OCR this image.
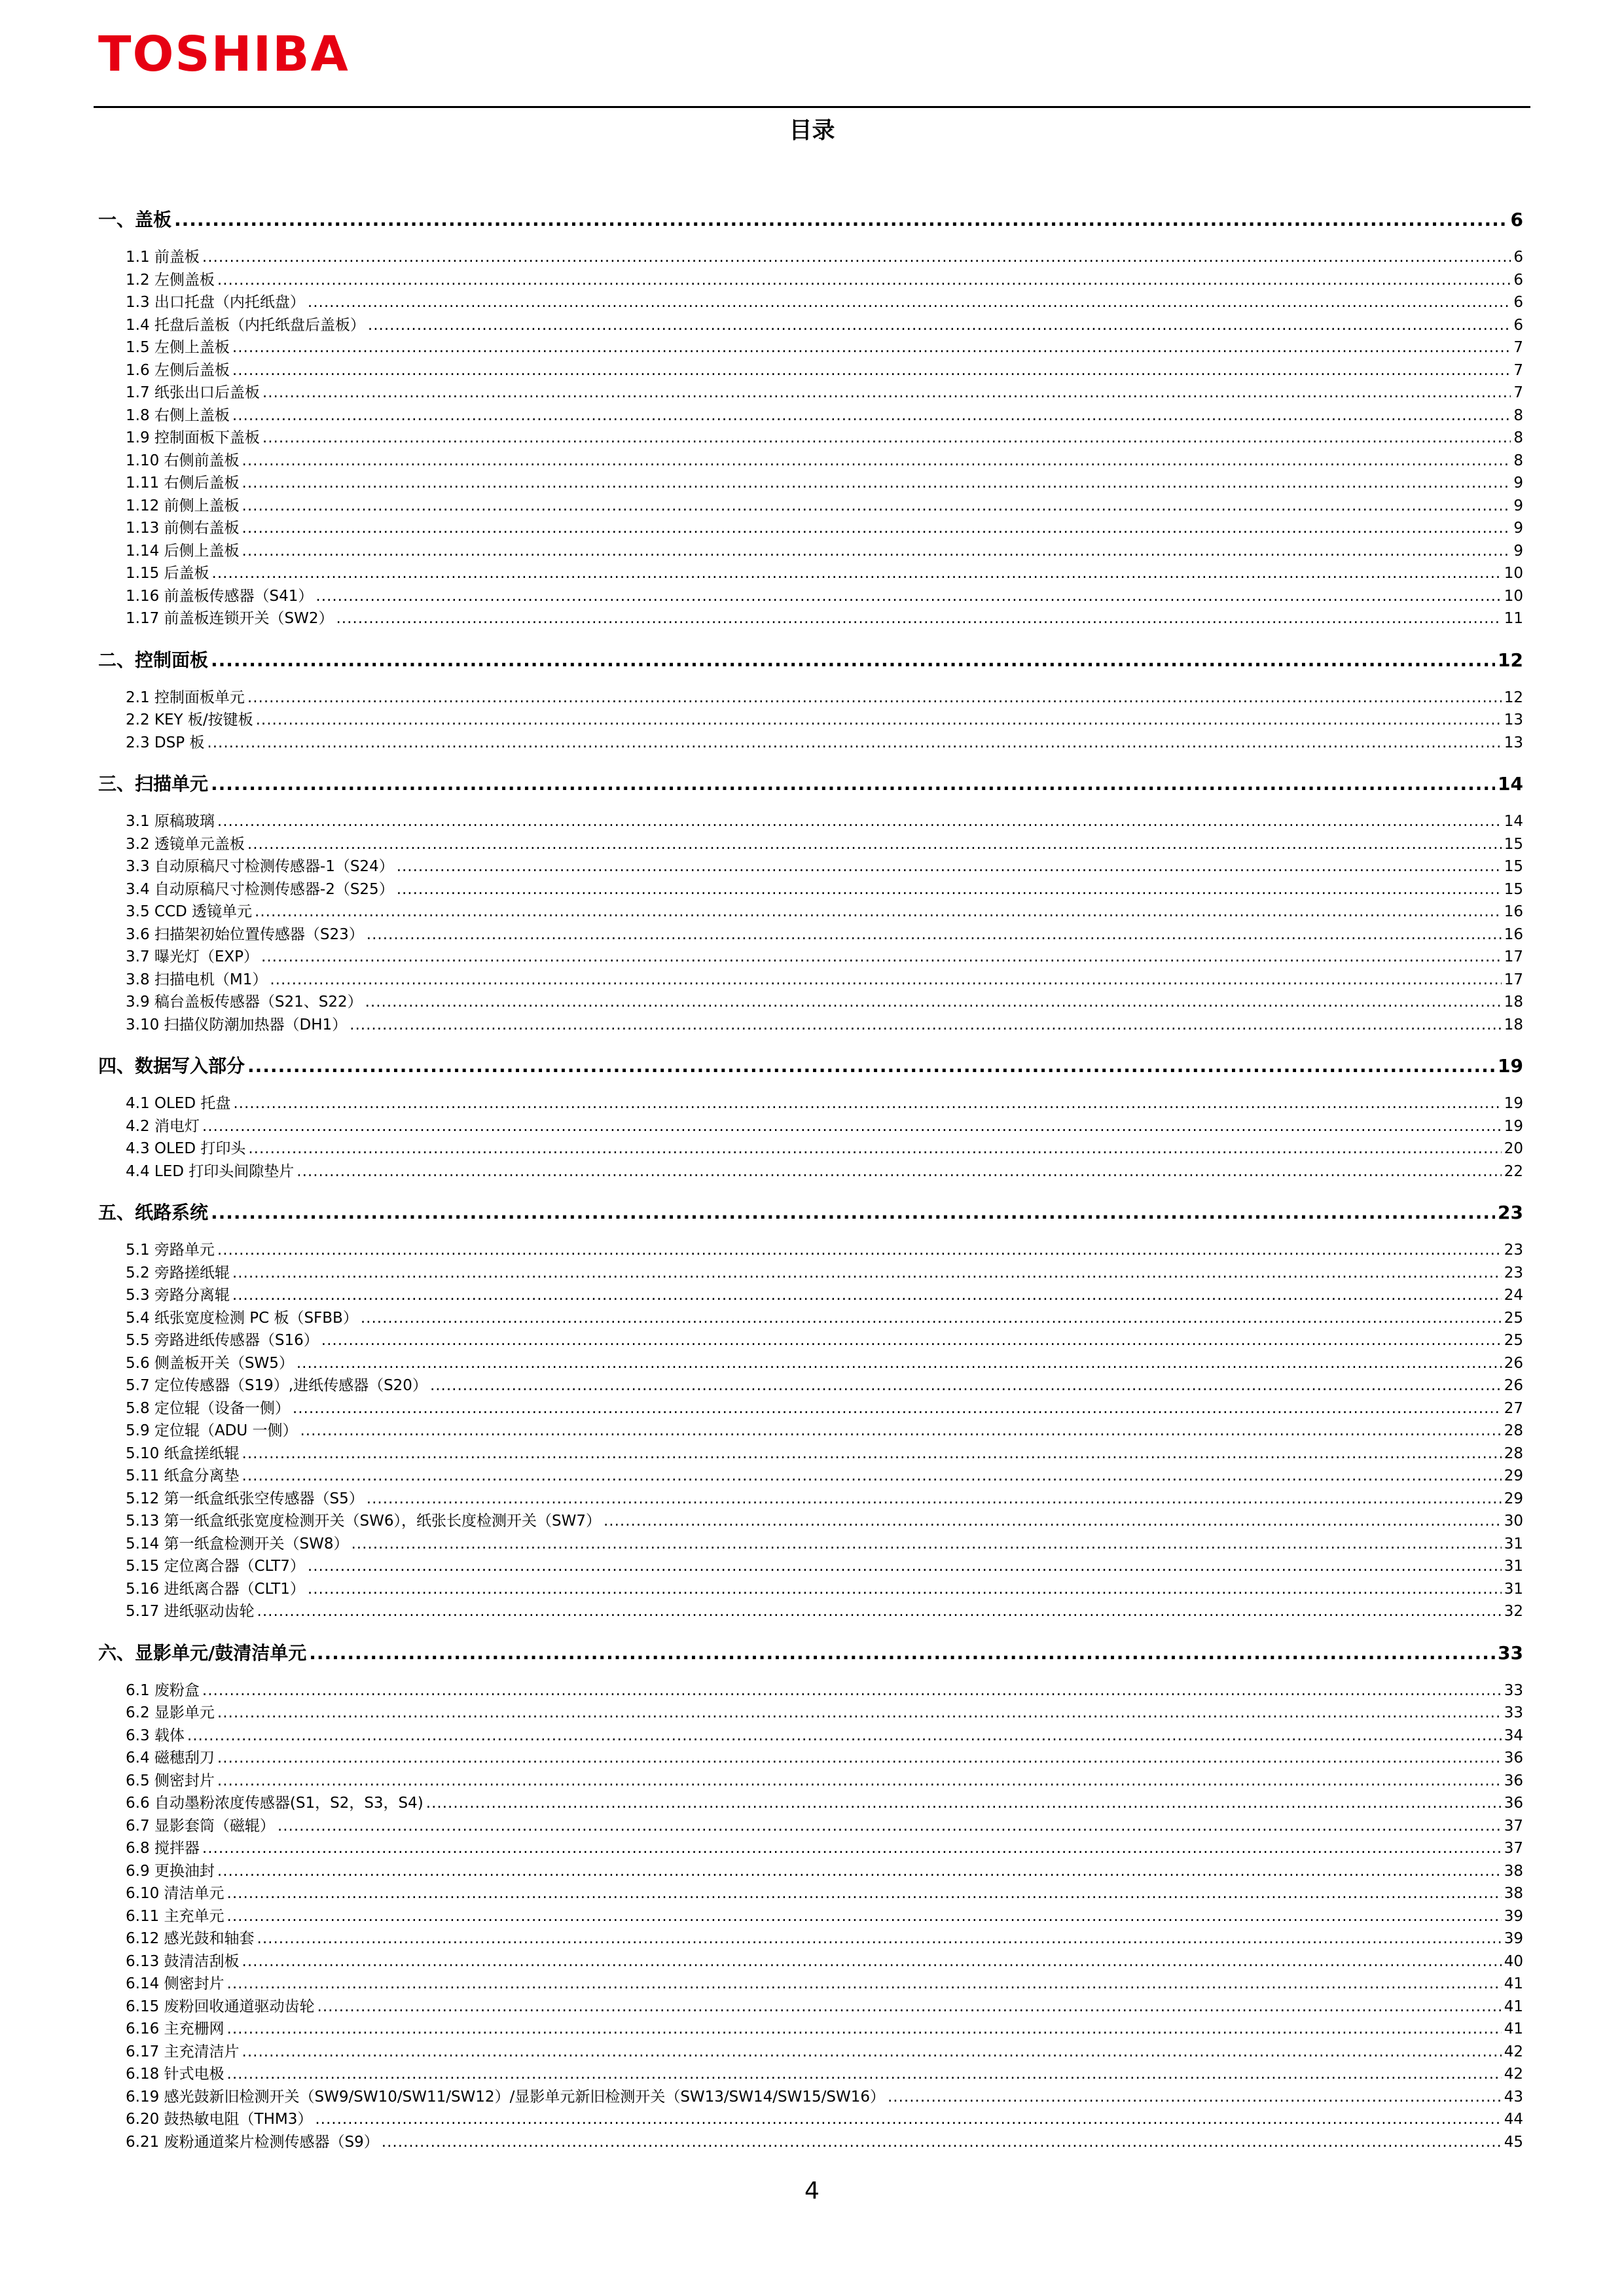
TOSHIBA
目录
一、盖板 .....	6
1.1 前盖板 .....	6
1.2 左侧盖板 .....	6
1.3 出口托盘（内托纸盘） .....	6
1.4 托盘后盖板（内托纸盘后盖板） .....	6
1.5 左侧上盖板 .....	7
1.6 左侧后盖板 .....	7
1.7 纸张出口后盖板 .....	7
1.8 右侧上盖板 .....	8
1.9 控制面板下盖板 .....	8
1.10 右侧前盖板 .....	8
1.11 右侧后盖板 .....	9
1.12 前侧上盖板 .....	9
1.13 前侧右盖板 .....	9
1.14 后侧上盖板 .....	9
1.15 后盖板 .....	10
1.16 前盖板传感器（S41） .....	10
1.17 前盖板连锁开关（SW2） .....	11
二、控制面板 .....	12
2.1 控制面板单元 .....	12
2.2 KEY 板/按键板 .....	13
2.3 DSP 板 .....	13
三、扫描单元 .....	14
3.1 原稿玻璃 .....	14
3.2 透镜单元盖板 .....	15
3.3 自动原稿尺寸检测传感器-1（S24） .....	15
3.4 自动原稿尺寸检测传感器-2（S25） .....	15
3.5 CCD 透镜单元 .....	16
3.6 扫描架初始位置传感器（S23） .....	16
3.7 曝光灯（EXP） .....	17
3.8 扫描电机（M1） .....	17
3.9 稿台盖板传感器（S21、S22） .....	18
3.10 扫描仪防潮加热器（DH1） .....	18
四、数据写入部分 .....	19
4.1 OLED 托盘 .....	19
4.2 消电灯 .....	19
4.3 OLED 打印头 .....	20
4.4 LED 打印头间隙垫片 .....	22
五、纸路系统 .....	23
5.1 旁路单元 .....	23
5.2 旁路搓纸辊 .....	23
5.3 旁路分离辊 .....	24
5.4 纸张宽度检测 PC 板（SFBB） .....	25
5.5 旁路进纸传感器（S16） .....	25
5.6 侧盖板开关（SW5） .....	26
5.7 定位传感器（S19）,进纸传感器（S20） .....	26
5.8 定位辊（设备一侧） .....	27
5.9 定位辊（ADU 一侧） .....	28
5.10 纸盒搓纸辊 .....	28
5.11 纸盒分离垫 .....	29
5.12 第一纸盒纸张空传感器（S5） .....	29
5.13 第一纸盒纸张宽度检测开关（SW6），纸张长度检测开关（SW7） .....	30
5.14 第一纸盒检测开关（SW8） .....	31
5.15 定位离合器（CLT7） .....	31
5.16 进纸离合器（CLT1） .....	31
5.17 进纸驱动齿轮 .....	32
六、显影单元/鼓清洁单元 .....	33
6.1 废粉盒 .....	33
6.2 显影单元 .....	33
6.3 载体 .....	34
6.4 磁穗刮刀 .....	36
6.5 侧密封片 .....	36
6.6 自动墨粉浓度传感器(S1，S2，S3，S4) .....	36
6.7 显影套筒（磁辊） .....	37
6.8 搅拌器 .....	37
6.9 更换油封 .....	38
6.10 清洁单元 .....	38
6.11 主充单元 .....	39
6.12 感光鼓和轴套 .....	39
6.13 鼓清洁刮板 .....	40
6.14 侧密封片 .....	41
6.15 废粉回收通道驱动齿轮 .....	41
6.16 主充栅网 .....	41
6.17 主充清洁片 .....	42
6.18 针式电极 .....	42
6.19 感光鼓新旧检测开关（SW9/SW10/SW11/SW12）/显影单元新旧检测开关（SW13/SW14/SW15/SW16） .....	43
6.20 鼓热敏电阻（THM3） .....	44
6.21 废粉通道桨片检测传感器（S9） .....	45
4
